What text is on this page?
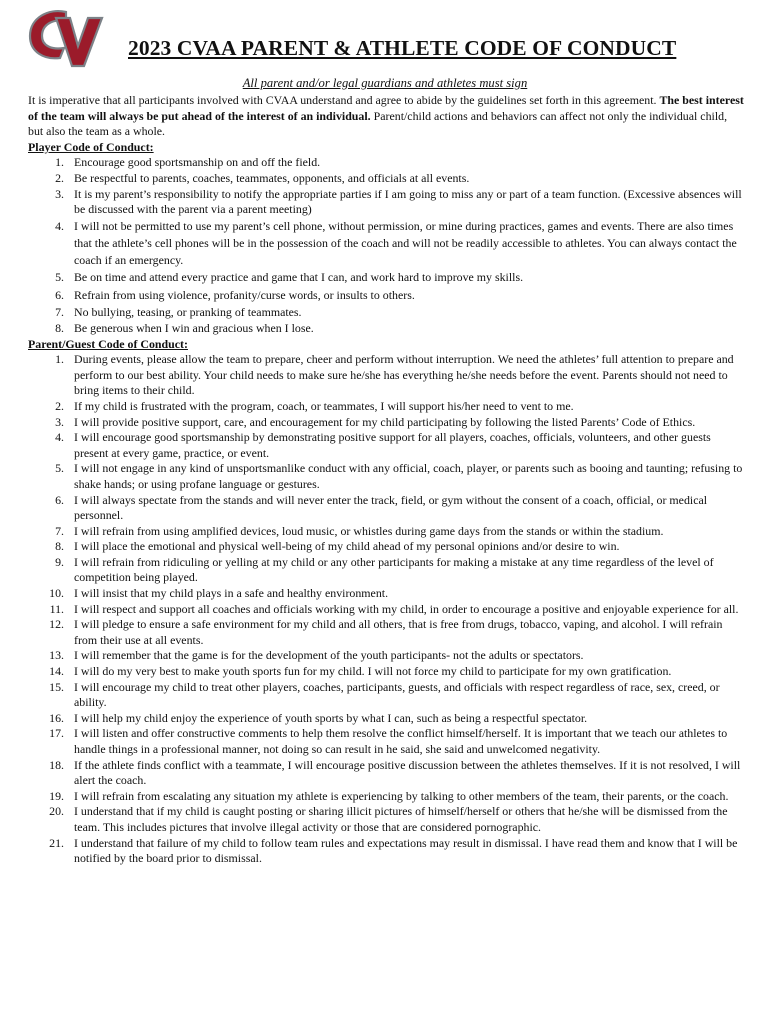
2023 CVAA PARENT & ATHLETE CODE OF CONDUCT
All parent and/or legal guardians and athletes must sign

It is imperative that all participants involved with CVAA understand and agree to abide by the guidelines set forth in this agreement. The best interest of the team will always be put ahead of the interest of an individual. Parent/child actions and behaviors can affect not only the individual child, but also the team as a whole.

Player Code of Conduct:
1. Encourage good sportsmanship on and off the field.
2. Be respectful to parents, coaches, teammates, opponents, and officials at all events.
3. It is my parent’s responsibility to notify the appropriate parties if I am going to miss any or part of a team function. (Excessive absences will be discussed with the parent via a parent meeting)
4. I will not be permitted to use my parent’s cell phone, without permission, or mine during practices, games and events. There are also times that the athlete’s cell phones will be in the possession of the coach and will not be readily accessible to athletes. You can always contact the coach if an emergency.
5. Be on time and attend every practice and game that I can, and work hard to improve my skills.
6. Refrain from using violence, profanity/curse words, or insults to others.
7. No bullying, teasing, or pranking of teammates.
8. Be generous when I win and gracious when I lose.
Parent/Guest Code of Conduct:
1. During events, please allow the team to prepare, cheer and perform without interruption. We need the athletes’ full attention to prepare and perform to our best ability. Your child needs to make sure he/she has everything he/she needs before the event. Parents should not need to bring items to their child.
2. If my child is frustrated with the program, coach, or teammates, I will support his/her need to vent to me.
3. I will provide positive support, care, and encouragement for my child participating by following the listed Parents’ Code of Ethics.
4. I will encourage good sportsmanship by demonstrating positive support for all players, coaches, officials, volunteers, and other guests present at every game, practice, or event.
5. I will not engage in any kind of unsportsmanlike conduct with any official, coach, player, or parents such as booing and taunting; refusing to shake hands; or using profane language or gestures.
6. I will always spectate from the stands and will never enter the track, field, or gym without the consent of a coach, official, or medical personnel.
7. I will refrain from using amplified devices, loud music, or whistles during game days from the stands or within the stadium.
8. I will place the emotional and physical well-being of my child ahead of my personal opinions and/or desire to win.
9. I will refrain from ridiculing or yelling at my child or any other participants for making a mistake at any time regardless of the level of competition being played.
10. I will insist that my child plays in a safe and healthy environment.
11. I will respect and support all coaches and officials working with my child, in order to encourage a positive and enjoyable experience for all.
12. I will pledge to ensure a safe environment for my child and all others, that is free from drugs, tobacco, vaping, and alcohol. I will refrain from their use at all events.
13. I will remember that the game is for the development of the youth participants- not the adults or spectators.
14. I will do my very best to make youth sports fun for my child. I will not force my child to participate for my own gratification.
15. I will encourage my child to treat other players, coaches, participants, guests, and officials with respect regardless of race, sex, creed, or ability.
16. I will help my child enjoy the experience of youth sports by what I can, such as being a respectful spectator.
17. I will listen and offer constructive comments to help them resolve the conflict himself/herself. It is important that we teach our athletes to handle things in a professional manner, not doing so can result in he said, she said and unwelcomed negativity.
18. If the athlete finds conflict with a teammate, I will encourage positive discussion between the athletes themselves. If it is not resolved, I will alert the coach.
19. I will refrain from escalating any situation my athlete is experiencing by talking to other members of the team, their parents, or the coach.
20. I understand that if my child is caught posting or sharing illicit pictures of himself/herself or others that he/she will be dismissed from the team. This includes pictures that involve illegal activity or those that are considered pornographic.
21. I understand that failure of my child to follow team rules and expectations may result in dismissal. I have read them and know that I will be notified by the board prior to dismissal.
